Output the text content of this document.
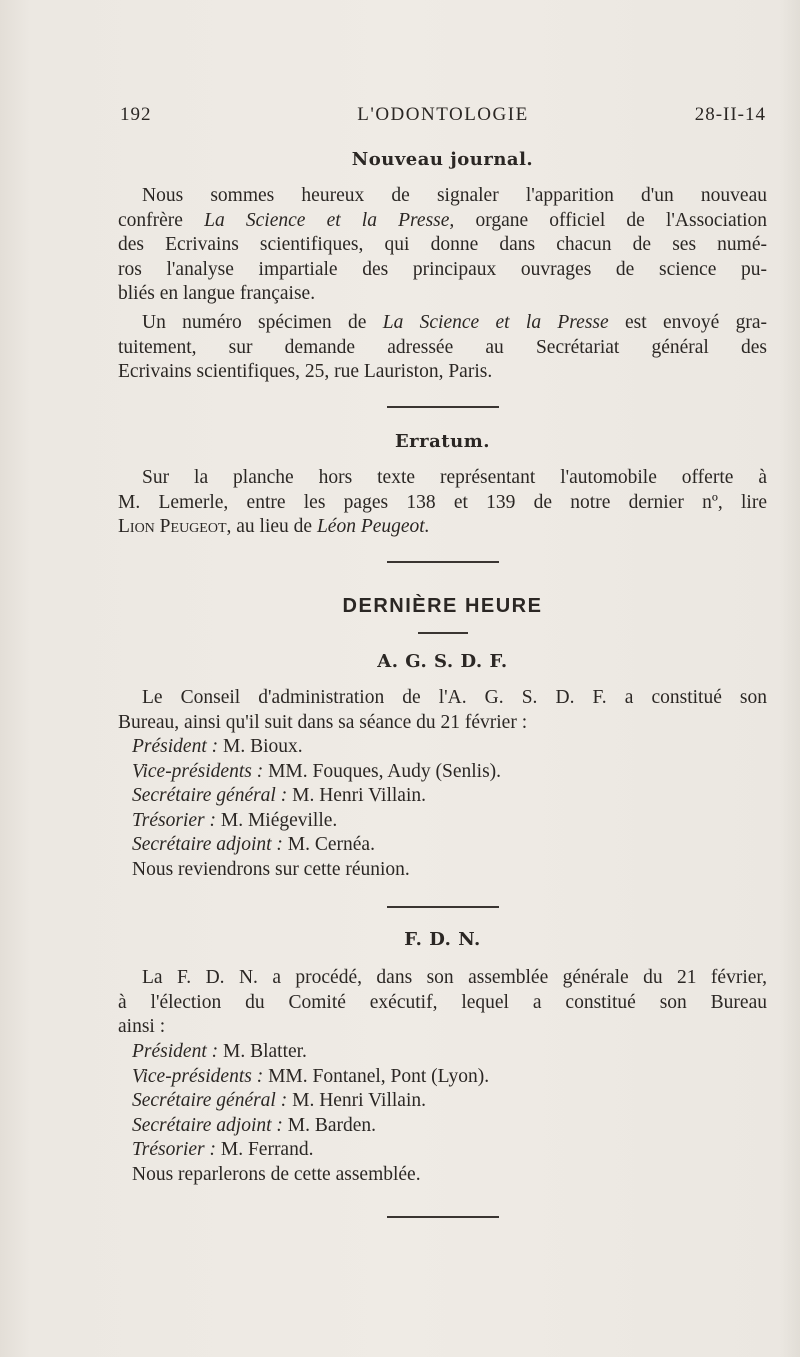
192	L'ODONTOLOGIE	28-II-14
Nouveau journal.
Nous sommes heureux de signaler l'apparition d'un nouveau
confrère La Science et la Presse, organe officiel de l'Association
des Ecrivains scientifiques, qui donne dans chacun de ses numé-
ros l'analyse impartiale des principaux ouvrages de science pu-
bliés en langue française.
Un numéro spécimen de La Science et la Presse est envoyé gra-
tuitement, sur demande adressée au Secrétariat général des
Ecrivains scientifiques, 25, rue Lauriston, Paris.
Erratum.
Sur la planche hors texte représentant l'automobile offerte à
M. Lemerle, entre les pages 138 et 139 de notre dernier nº, lire
Lion Peugeot, au lieu de Léon Peugeot.
DERNIÈRE HEURE
A. G. S. D. F.
Le Conseil d'administration de l'A. G. S. D. F. a constitué son
Bureau, ainsi qu'il suit dans sa séance du 21 février :
Président : M. Bioux.
Vice-présidents : MM. Fouques, Audy (Senlis).
Secrétaire général : M. Henri Villain.
Trésorier : M. Miégeville.
Secrétaire adjoint : M. Cernéa.
Nous reviendrons sur cette réunion.
F. D. N.
La F. D. N. a procédé, dans son assemblée générale du 21 février,
à l'élection du Comité exécutif, lequel a constitué son Bureau
ainsi :
Président : M. Blatter.
Vice-présidents : MM. Fontanel, Pont (Lyon).
Secrétaire général : M. Henri Villain.
Secrétaire adjoint : M. Barden.
Trésorier : M. Ferrand.
Nous reparlerons de cette assemblée.
